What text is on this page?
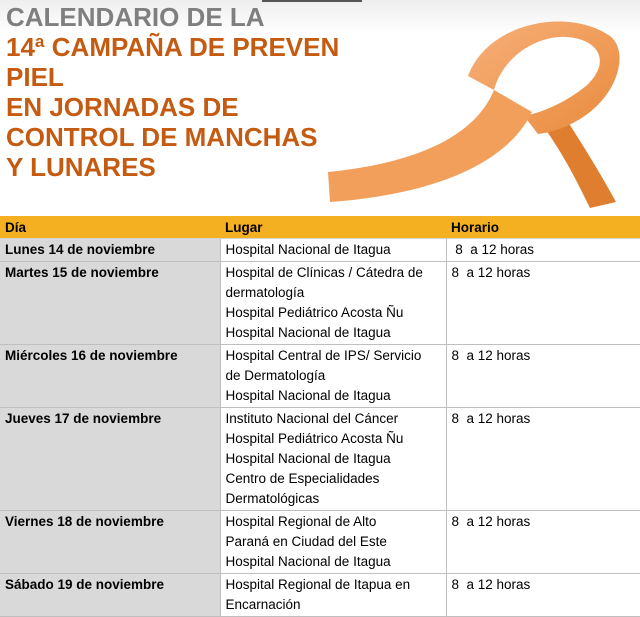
CALENDARIO DE LA
14ª CAMPAÑA DE PREVEN
PIEL
EN JORNADAS DE
CONTROL DE MANCHAS
Y LUNARES
Día	Lugar	Horario
Lunes 14 de noviembre	Hospital Nacional de Itagua	8  a 12 horas
Martes 15 de noviembre	Hospital de Clínicas / Cátedra de
dermatología
Hospital Pediátrico Acosta Ñu
Hospital Nacional de Itagua	8  a 12 horas
Miércoles 16 de noviembre	Hospital Central de IPS/ Servicio
de Dermatología
Hospital Nacional de Itagua	8  a 12 horas
Jueves 17 de noviembre	Instituto Nacional del Cáncer
Hospital Pediátrico Acosta Ñu
Hospital Nacional de Itagua
Centro de Especialidades
Dermatológicas	8  a 12 horas
Viernes 18 de noviembre	Hospital Regional de Alto
Paraná en Ciudad del Este
Hospital Nacional de Itagua	8  a 12 horas
Sábado 19 de noviembre	Hospital Regional de Itapua en
Encarnación	8  a 12 horas
